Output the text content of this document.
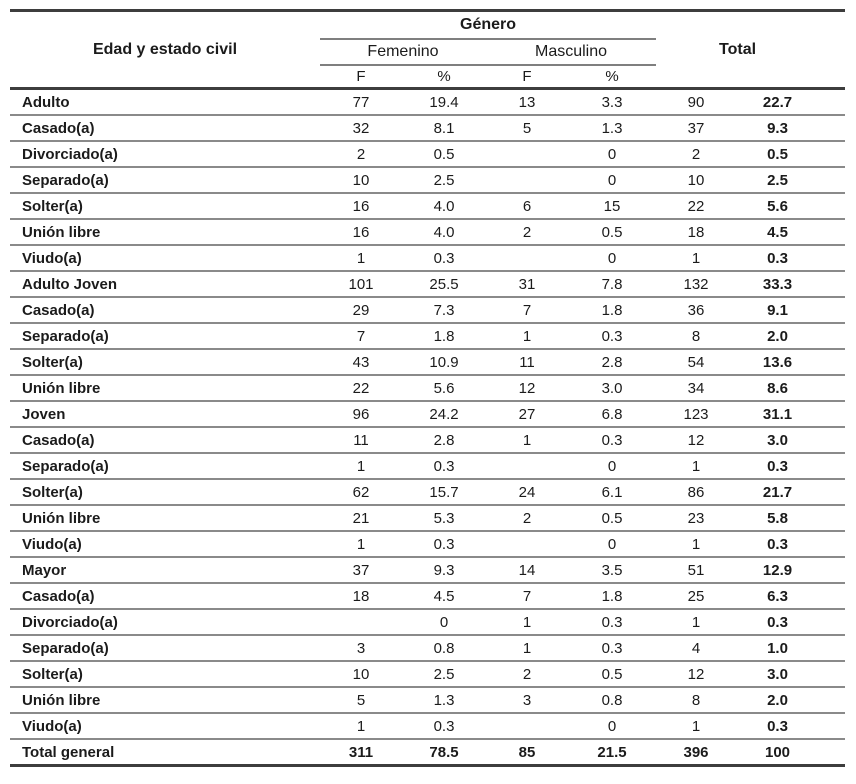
Edad y estado civil	Género				Total	
	Femenino		Masculino			
	F	%	F	%		
Adulto	77	19.4	13	3.3	90	22.7
Casado(a)	32	8.1	5	1.3	37	9.3
Divorciado(a)	2	0.5		0	2	0.5
Separado(a)	10	2.5		0	10	2.5
Solter(a)	16	4.0	6	15	22	5.6
Unión libre	16	4.0	2	0.5	18	4.5
Viudo(a)	1	0.3		0	1	0.3
Adulto Joven	101	25.5	31	7.8	132	33.3
Casado(a)	29	7.3	7	1.8	36	9.1
Separado(a)	7	1.8	1	0.3	8	2.0
Solter(a)	43	10.9	11	2.8	54	13.6
Unión libre	22	5.6	12	3.0	34	8.6
Joven	96	24.2	27	6.8	123	31.1
Casado(a)	11	2.8	1	0.3	12	3.0
Separado(a)	1	0.3		0	1	0.3
Solter(a)	62	15.7	24	6.1	86	21.7
Unión libre	21	5.3	2	0.5	23	5.8
Viudo(a)	1	0.3		0	1	0.3
Mayor	37	9.3	14	3.5	51	12.9
Casado(a)	18	4.5	7	1.8	25	6.3
Divorciado(a)		0	1	0.3	1	0.3
Separado(a)	3	0.8	1	0.3	4	1.0
Solter(a)	10	2.5	2	0.5	12	3.0
Unión libre	5	1.3	3	0.8	8	2.0
Viudo(a)	1	0.3		0	1	0.3
Total general	311	78.5	85	21.5	396	100
